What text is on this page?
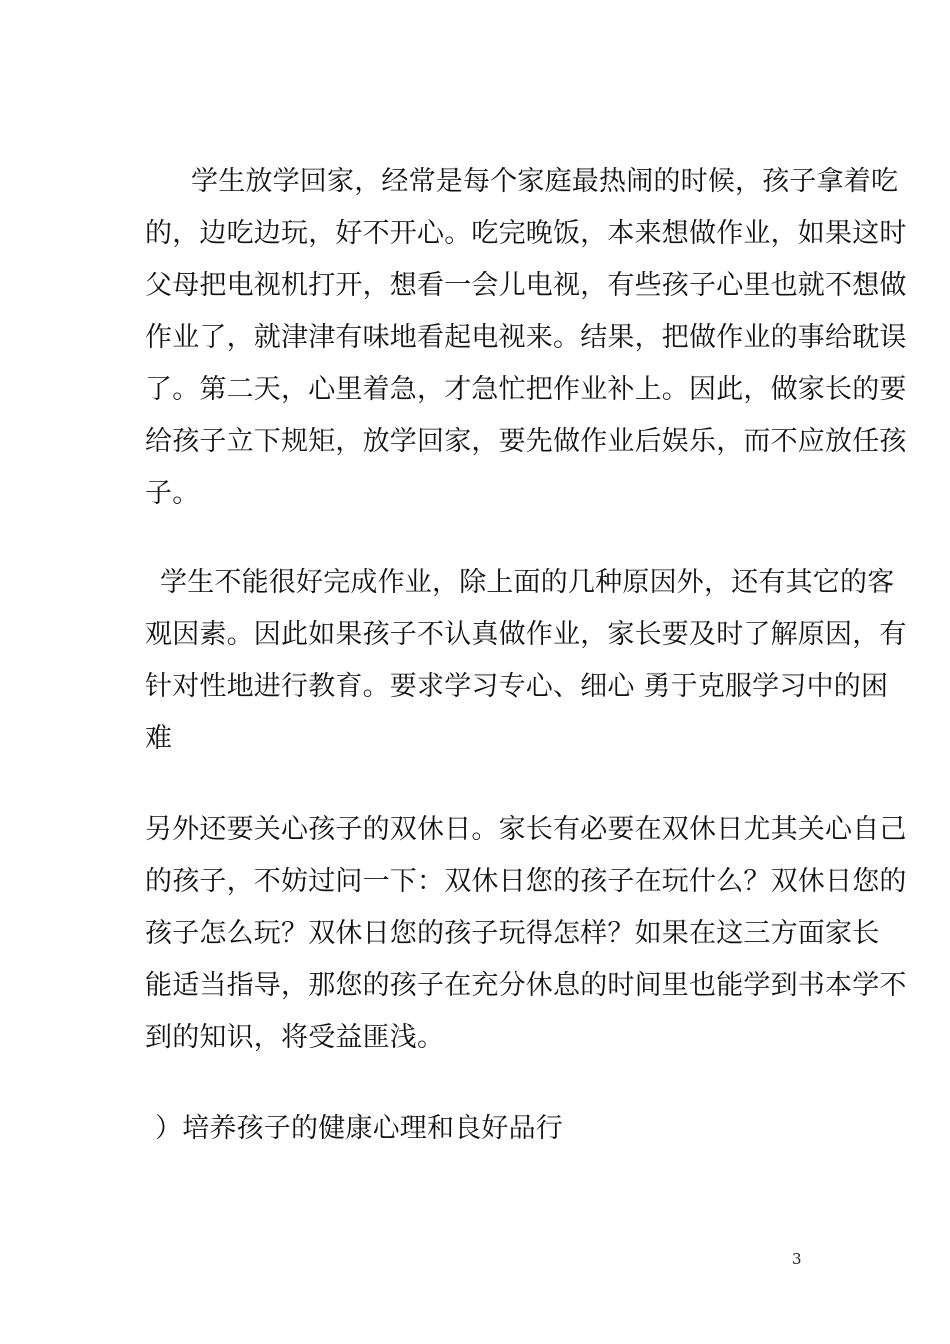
学生放学回家，经常是每个家庭最热闹的时候，孩子拿着吃
的，边吃边玩，好不开心。吃完晚饭，本来想做作业，如果这时
父母把电视机打开，想看一会儿电视，有些孩子心里也就不想做
作业了，就津津有味地看起电视来。结果，把做作业的事给耽误
了。第二天，心里着急，才急忙把作业补上。因此，做家长的要
给孩子立下规矩，放学回家，要先做作业后娱乐，而不应放任孩
子。
学生不能很好完成作业，除上面的几种原因外，还有其它的客
观因素。因此如果孩子不认真做作业，家长要及时了解原因，有
针对性地进行教育。要求学习专心、细心 勇于克服学习中的困
难
另外还要关心孩子的双休日。家长有必要在双休日尤其关心自己
的孩子，不妨过问一下：双休日您的孩子在玩什么？双休日您的
孩子怎么玩？双休日您的孩子玩得怎样？如果在这三方面家长
能适当指导，那您的孩子在充分休息的时间里也能学到书本学不
到的知识，将受益匪浅。
）培养孩子的健康心理和良好品行
3
